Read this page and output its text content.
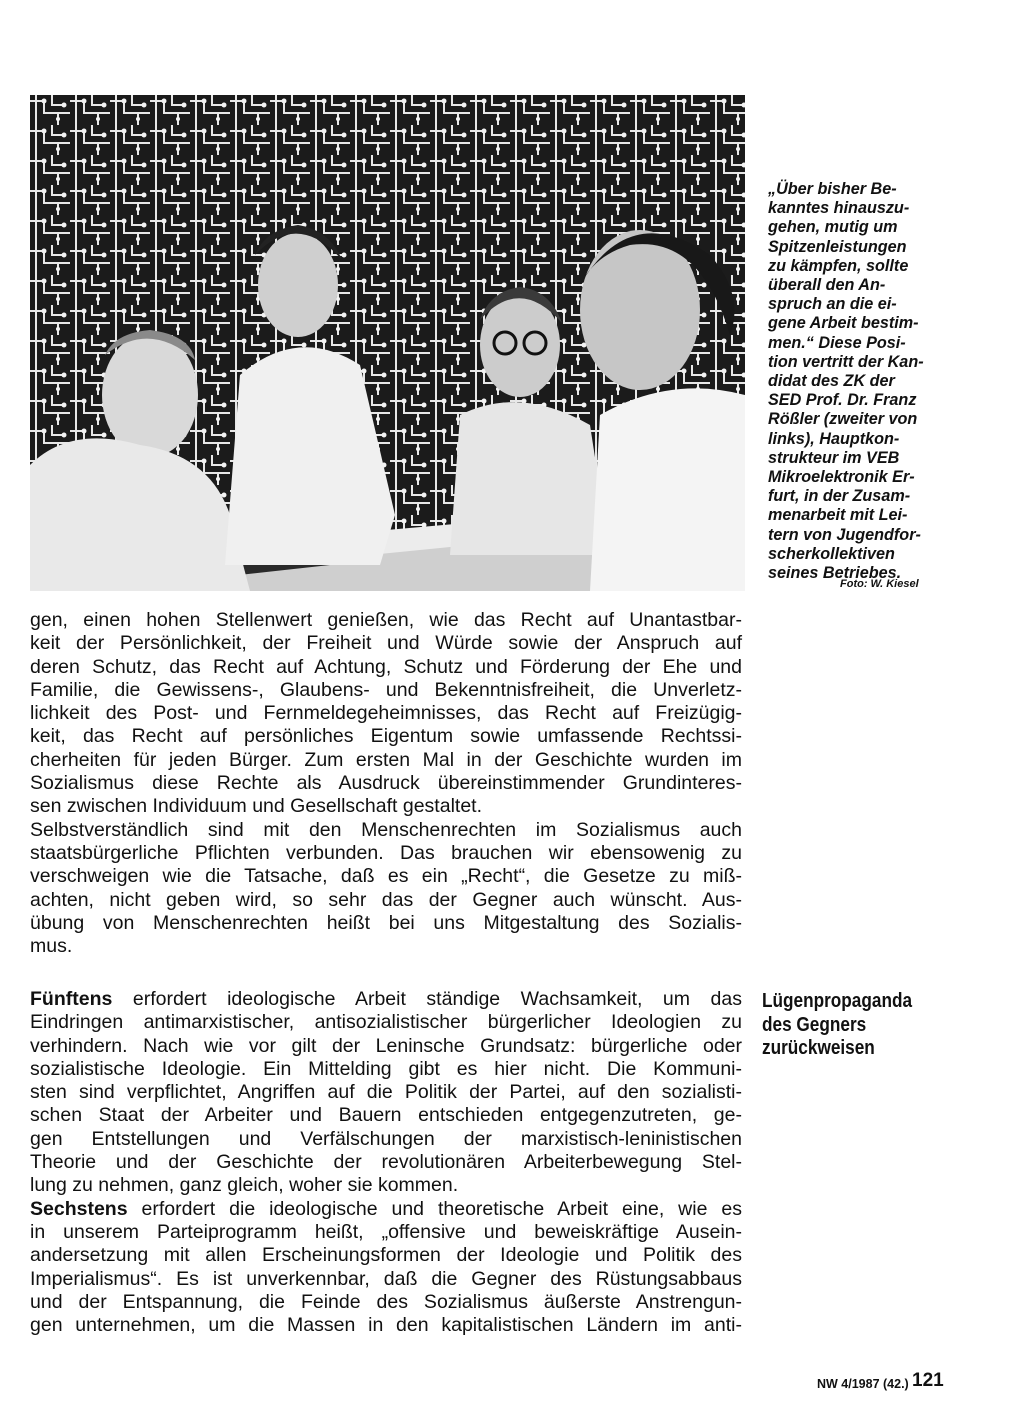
„Über bisher Be-
kanntes hinauszu-
gehen, mutig um
Spitzenleistungen
zu kämpfen, sollte
überall den An-
spruch an die ei-
gene Arbeit bestim-
men.“ Diese Posi-
tion vertritt der Kan-
didat des ZK der
SED Prof. Dr. Franz
Rößler (zweiter von
links), Hauptkon-
strukteur im VEB
Mikroelektronik Er-
furt, in der Zusam-
menarbeit mit Lei-
tern von Jugendfor-
scherkollektiven
seines Betriebes.
Foto: W. Kiesel
gen, einen hohen Stellenwert genießen, wie das Recht auf Unantastbar-
keit der Persönlichkeit, der Freiheit und Würde sowie der Anspruch auf
deren Schutz, das Recht auf Achtung, Schutz und Förderung der Ehe und
Familie, die Gewissens-, Glaubens- und Bekenntnisfreiheit, die Unverletz-
lichkeit des Post- und Fernmeldegeheimnisses, das Recht auf Freizügig-
keit, das Recht auf persönliches Eigentum sowie umfassende Rechtssi-
cherheiten für jeden Bürger. Zum ersten Mal in der Geschichte wurden im
Sozialismus diese Rechte als Ausdruck übereinstimmender Grundinteres-
sen zwischen Individuum und Gesellschaft gestaltet.
Selbstverständlich sind mit den Menschenrechten im Sozialismus auch
staatsbürgerliche Pflichten verbunden. Das brauchen wir ebensowenig zu
verschweigen wie die Tatsache, daß es ein „Recht“, die Gesetze zu miß-
achten, nicht geben wird, so sehr das der Gegner auch wünscht. Aus-
übung von Menschenrechten heißt bei uns Mitgestaltung des Sozialis-
mus.
Lügenpropaganda
des Gegners
zurückweisen
Fünftens erfordert ideologische Arbeit ständige Wachsamkeit, um das
Eindringen antimarxistischer, antisozialistischer bürgerlicher Ideologien zu
verhindern. Nach wie vor gilt der Leninsche Grundsatz: bürgerliche oder
sozialistische Ideologie. Ein Mittelding gibt es hier nicht. Die Kommuni-
sten sind verpflichtet, Angriffen auf die Politik der Partei, auf den sozialisti-
schen Staat der Arbeiter und Bauern entschieden entgegenzutreten, ge-
gen Entstellungen und Verfälschungen der marxistisch-leninistischen
Theorie und der Geschichte der revolutionären Arbeiterbewegung Stel-
lung zu nehmen, ganz gleich, woher sie kommen.
Sechstens erfordert die ideologische und theoretische Arbeit eine, wie es
in unserem Parteiprogramm heißt, „offensive und beweiskräftige Ausein-
andersetzung mit allen Erscheinungsformen der Ideologie und Politik des
Imperialismus“. Es ist unverkennbar, daß die Gegner des Rüstungsabbaus
und der Entspannung, die Feinde des Sozialismus äußerste Anstrengun-
gen unternehmen, um die Massen in den kapitalistischen Ländern im anti-
NW 4/1987 (42.) 121
